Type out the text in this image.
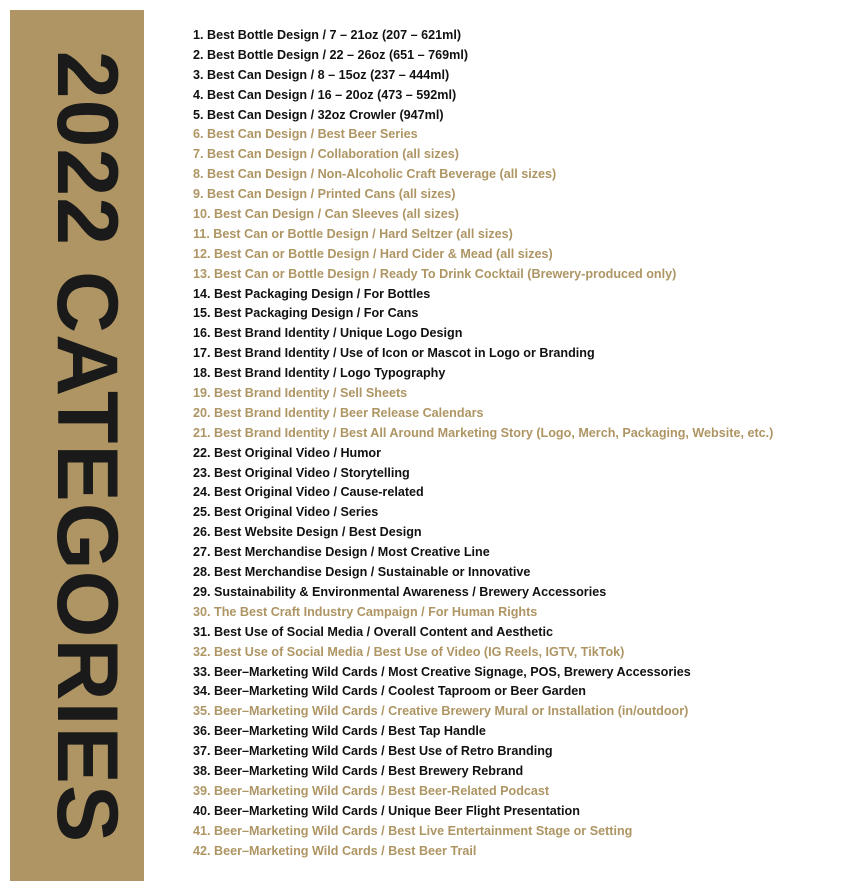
2022 CATEGORIES
1. Best Bottle Design / 7 – 21oz (207 – 621ml)
2. Best Bottle Design / 22 – 26oz (651 – 769ml)
3. Best Can Design / 8 – 15oz (237 – 444ml)
4. Best Can Design / 16 – 20oz (473 – 592ml)
5. Best Can Design / 32oz Crowler (947ml)
6. Best Can Design / Best Beer Series
7. Best Can Design / Collaboration (all sizes)
8. Best Can Design / Non-Alcoholic Craft Beverage (all sizes)
9. Best Can Design / Printed Cans (all sizes)
10. Best Can Design / Can Sleeves (all sizes)
11. Best Can or Bottle Design / Hard Seltzer (all sizes)
12. Best Can or Bottle Design / Hard Cider & Mead (all sizes)
13. Best Can or Bottle Design / Ready To Drink Cocktail (Brewery-produced only)
14. Best Packaging Design / For Bottles
15. Best Packaging Design / For Cans
16. Best Brand Identity / Unique Logo Design
17. Best Brand Identity / Use of Icon or Mascot in Logo or Branding
18. Best Brand Identity / Logo Typography
19. Best Brand Identity / Sell Sheets
20. Best Brand Identity / Beer Release Calendars
21. Best Brand Identity / Best All Around Marketing Story (Logo, Merch, Packaging, Website, etc.)
22. Best Original Video / Humor
23. Best Original Video / Storytelling
24. Best Original Video / Cause-related
25. Best Original Video / Series
26. Best Website Design / Best Design
27. Best Merchandise Design / Most Creative Line
28. Best Merchandise Design / Sustainable or Innovative
29. Sustainability & Environmental Awareness / Brewery Accessories
30. The Best Craft Industry Campaign / For Human Rights
31. Best Use of Social Media / Overall Content and Aesthetic
32. Best Use of Social Media / Best Use of Video (IG Reels, IGTV, TikTok)
33. Beer–Marketing Wild Cards / Most Creative Signage, POS, Brewery Accessories
34. Beer–Marketing Wild Cards / Coolest Taproom or Beer Garden
35. Beer–Marketing Wild Cards / Creative Brewery Mural or Installation (in/outdoor)
36. Beer–Marketing Wild Cards / Best Tap Handle
37. Beer–Marketing Wild Cards / Best Use of Retro Branding
38. Beer–Marketing Wild Cards / Best Brewery Rebrand
39. Beer–Marketing Wild Cards / Best Beer-Related Podcast
40. Beer–Marketing Wild Cards / Unique Beer Flight Presentation
41. Beer–Marketing Wild Cards / Best Live Entertainment Stage or Setting
42. Beer–Marketing Wild Cards / Best Beer Trail
